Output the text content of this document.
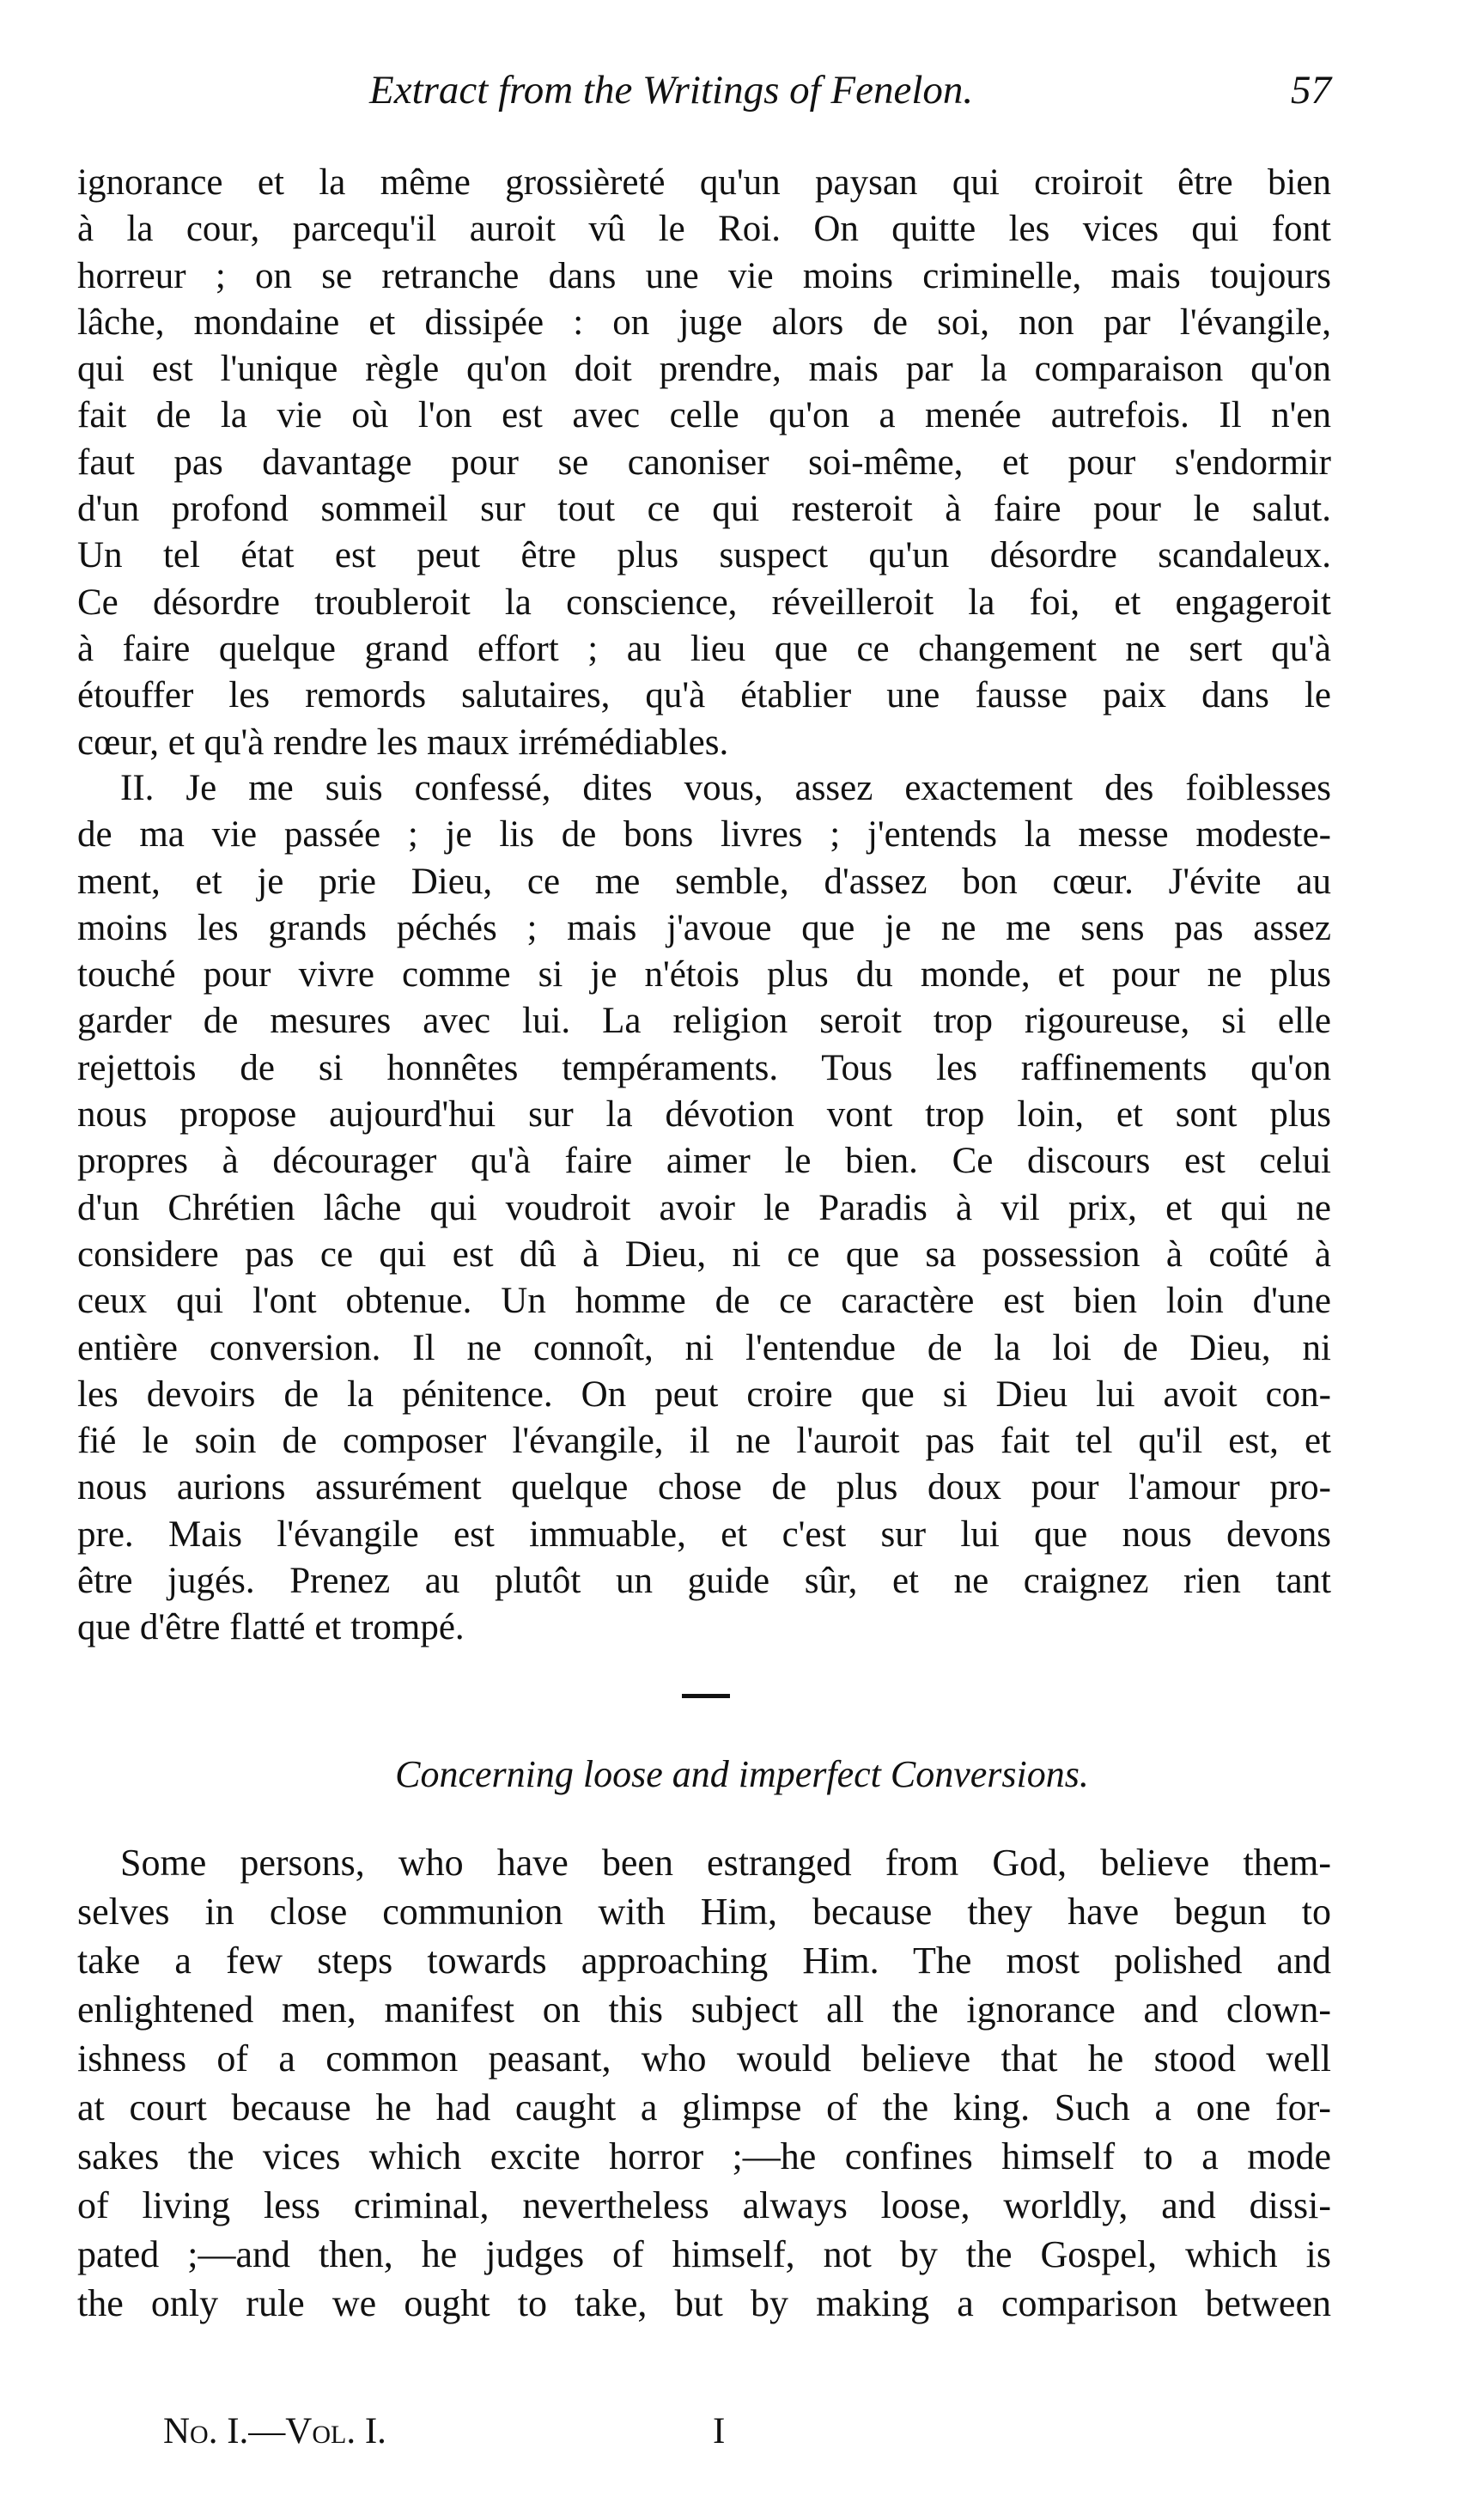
Extract from the Writings of Fenelon.	57
ignorance et la même grossièreté qu'un paysan qui croiroit être bien
à la cour, parcequ'il auroit vû le Roi. On quitte les vices qui font
horreur ; on se retranche dans une vie moins criminelle, mais toujours
lâche, mondaine et dissipée : on juge alors de soi, non par l'évangile,
qui est l'unique règle qu'on doit prendre, mais par la comparaison qu'on
fait de la vie où l'on est avec celle qu'on a menée autrefois. Il n'en
faut pas davantage pour se canoniser soi-même, et pour s'endormir
d'un profond sommeil sur tout ce qui resteroit à faire pour le salut.
Un tel état est peut être plus suspect qu'un désordre scandaleux.
Ce désordre troubleroit la conscience, réveilleroit la foi, et engageroit
à faire quelque grand effort ; au lieu que ce changement ne sert qu'à
étouffer les remords salutaires, qu'à établier une fausse paix dans le
cœur, et qu'à rendre les maux irrémédiables.
II. Je me suis confessé, dites vous, assez exactement des foiblesses
de ma vie passée ; je lis de bons livres ; j'entends la messe modeste-
ment, et je prie Dieu, ce me semble, d'assez bon cœur. J'évite au
moins les grands péchés ; mais j'avoue que je ne me sens pas assez
touché pour vivre comme si je n'étois plus du monde, et pour ne plus
garder de mesures avec lui. La religion seroit trop rigoureuse, si elle
rejettois de si honnêtes tempéraments. Tous les raffinements qu'on
nous propose aujourd'hui sur la dévotion vont trop loin, et sont plus
propres à décourager qu'à faire aimer le bien. Ce discours est celui
d'un Chrétien lâche qui voudroit avoir le Paradis à vil prix, et qui ne
considere pas ce qui est dû à Dieu, ni ce que sa possession à coûté à
ceux qui l'ont obtenue. Un homme de ce caractère est bien loin d'une
entière conversion. Il ne connoît, ni l'entendue de la loi de Dieu, ni
les devoirs de la pénitence. On peut croire que si Dieu lui avoit con-
fié le soin de composer l'évangile, il ne l'auroit pas fait tel qu'il est, et
nous aurions assurément quelque chose de plus doux pour l'amour pro-
pre. Mais l'évangile est immuable, et c'est sur lui que nous devons
être jugés. Prenez au plutôt un guide sûr, et ne craignez rien tant
que d'être flatté et trompé.
Concerning loose and imperfect Conversions.
Some persons, who have been estranged from God, believe them-
selves in close communion with Him, because they have begun to
take a few steps towards approaching Him. The most polished and
enlightened men, manifest on this subject all the ignorance and clown-
ishness of a common peasant, who would believe that he stood well
at court because he had caught a glimpse of the king. Such a one for-
sakes the vices which excite horror ;—he confines himself to a mode
of living less criminal, nevertheless always loose, worldly, and dissi-
pated ;—and then, he judges of himself, not by the Gospel, which is
the only rule we ought to take, but by making a comparison between
No. I.—Vol. I.	I
